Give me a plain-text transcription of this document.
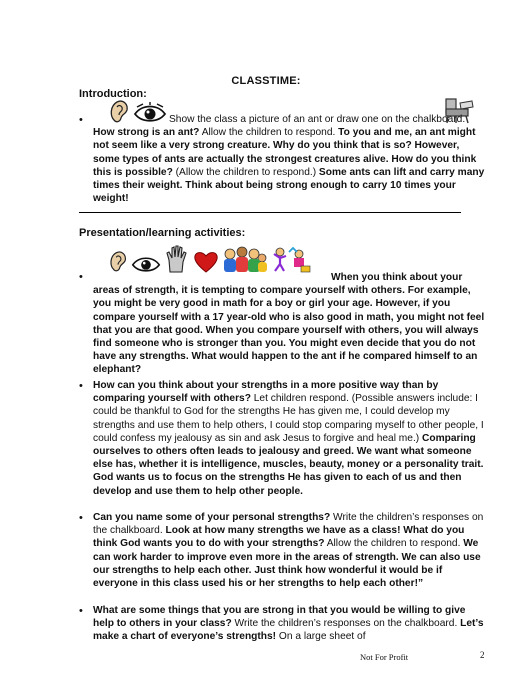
CLASSTIME:
Introduction:
•	Show the class a picture of an ant or draw one on the chalkboard. How strong is an ant? Allow the children to respond. To you and me, an ant might not seem like a very strong creature. Why do you think that is so? However, some types of ants are actually the strongest creatures alive. How do you think this is possible? (Allow the children to respond.) Some ants can lift and carry many times their weight. Think about being strong enough to carry 10 times your weight!

Presentation/learning activities:
•	When you think about your areas of strength, it is tempting to compare yourself with others. For example, you might be very good in math for a boy or girl your age. However, if you compare yourself with a 17 year-old who is also good in math, you might not feel that you are that good. When you compare yourself with others, you will always find someone who is stronger than you. You might even decide that you do not have any strengths. What would happen to the ant if he compared himself to an elephant?

• How can you think about your strengths in a more positive way than by comparing yourself with others? Let children respond. (Possible answers include: I could be thankful to God for the strengths He has given me, I could develop my strengths and use them to help others, I could stop comparing myself to other people, I could confess my jealousy as sin and ask Jesus to forgive and heal me.) Comparing ourselves to others often leads to jealousy and greed. We want what someone else has, whether it is intelligence, muscles, beauty, money or a personality trait. God wants us to focus on the strengths He has given to each of us and then develop and use them to help other people.

• Can you name some of your personal strengths? Write the children’s responses on the chalkboard. Look at how many strengths we have as a class! What do you think God wants you to do with your strengths? Allow the children to respond. We can work harder to improve even more in the areas of strength. We can also use our strengths to help each other. Just think how wonderful it would be if everyone in this class used his or her strengths to help each other!”

• What are some things that you are strong in that you would be willing to give help to others in your class? Write the children’s responses on the chalkboard. Let’s make a chart of everyone’s strengths! On a large sheet of

Not For Profit	2
